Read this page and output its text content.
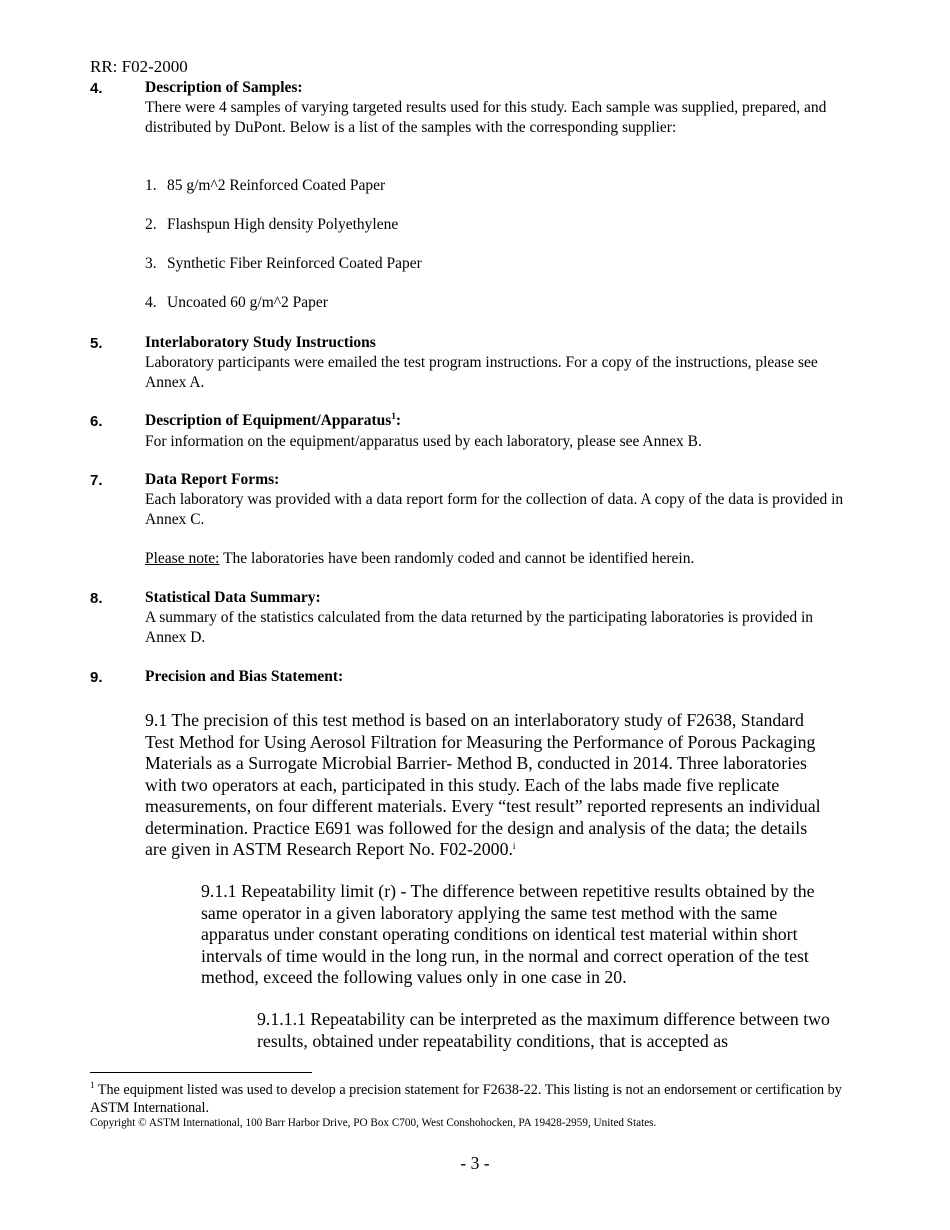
RR: F02-2000
4.	Description of Samples:
There were 4 samples of varying targeted results used for this study. Each sample was supplied, prepared, and distributed by DuPont. Below is a list of the samples with the corresponding supplier:
1. 85 g/m^2 Reinforced Coated Paper
2. Flashspun High density Polyethylene
3. Synthetic Fiber Reinforced Coated Paper
4. Uncoated 60 g/m^2 Paper
5.	Interlaboratory Study Instructions
Laboratory participants were emailed the test program instructions. For a copy of the instructions, please see Annex A.
6.	Description of Equipment/Apparatus$^1$:
For information on the equipment/apparatus used by each laboratory, please see Annex B.
7.	Data Report Forms:
Each laboratory was provided with a data report form for the collection of data. A copy of the data is provided in Annex C.
Please note: The laboratories have been randomly coded and cannot be identified herein.
8.	Statistical Data Summary:
A summary of the statistics calculated from the data returned by the participating laboratories is provided in Annex D.
9.	Precision and Bias Statement:
9.1 The precision of this test method is based on an interlaboratory study of F2638, Standard Test Method for Using Aerosol Filtration for Measuring the Performance of Porous Packaging Materials as a Surrogate Microbial Barrier- Method B, conducted in 2014. Three laboratories with two operators at each, participated in this study. Each of the labs made five replicate measurements, on four different materials. Every “test result” reported represents an individual determination. Practice E691 was followed for the design and analysis of the data; the details are given in ASTM Research Report No. F02-2000.$^i$
9.1.1 Repeatability limit (r) - The difference between repetitive results obtained by the same operator in a given laboratory applying the same test method with the same apparatus under constant operating conditions on identical test material within short intervals of time would in the long run, in the normal and correct operation of the test method, exceed the following values only in one case in 20.
9.1.1.1 Repeatability can be interpreted as the maximum difference between two results, obtained under repeatability conditions, that is accepted as
$^1$ The equipment listed was used to develop a precision statement for F2638-22. This listing is not an endorsement or certification by ASTM International.
Copyright © ASTM International, 100 Barr Harbor Drive, PO Box C700, West Conshohocken, PA 19428-2959, United States.
- 3 -
